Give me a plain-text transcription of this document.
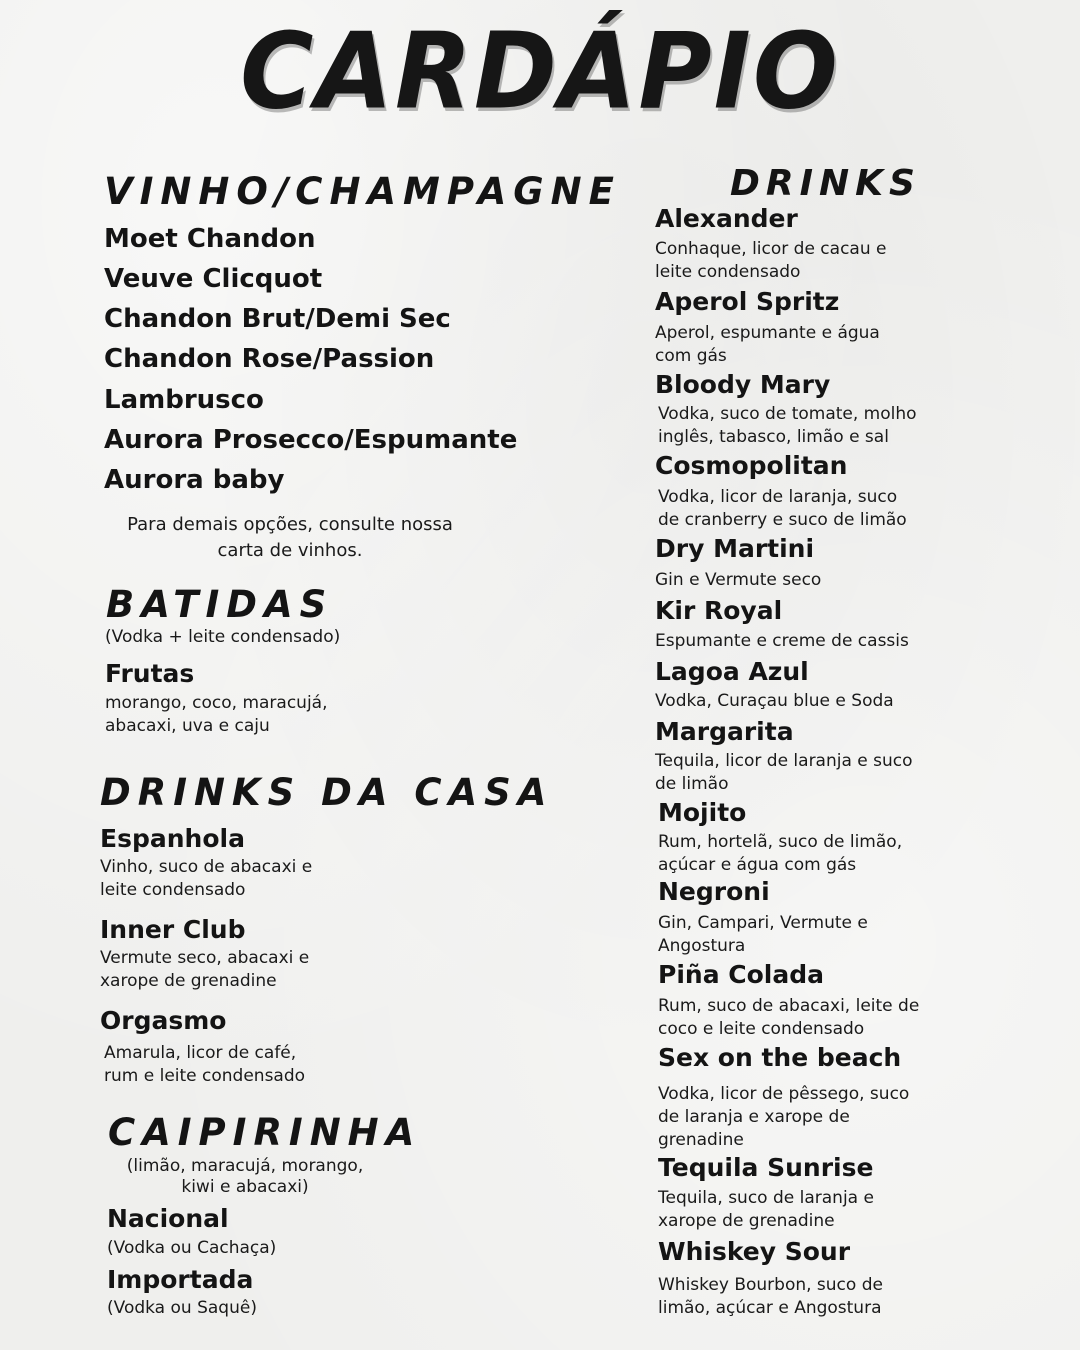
CARDÁPIO
VINHO/CHAMPAGNE
Moet Chandon
Veuve Clicquot
Chandon Brut/Demi Sec
Chandon Rose/Passion
Lambrusco
Aurora Prosecco/Espumante
Aurora baby
Para demais opções, consulte nossa
carta de vinhos.
BATIDAS
(Vodka + leite condensado)
Frutas
morango, coco, maracujá,
abacaxi, uva e caju
DRINKS DA CASA
Espanhola
Vinho, suco de abacaxi e
leite condensado
Inner Club
Vermute seco, abacaxi e
xarope de grenadine
Orgasmo
Amarula, licor de café,
rum e leite condensado
CAIPIRINHA
(limão, maracujá, morango,
kiwi e abacaxi)
Nacional
(Vodka ou Cachaça)
Importada
(Vodka ou Saquê)
DRINKS
Alexander
Conhaque, licor de cacau e
leite condensado
Aperol Spritz
Aperol, espumante e água
com gás
Bloody Mary
Vodka, suco de tomate, molho
inglês, tabasco, limão e sal
Cosmopolitan
Vodka, licor de laranja, suco
de cranberry e suco de limão
Dry Martini
Gin e Vermute seco
Kir Royal
Espumante e creme de cassis
Lagoa Azul
Vodka, Curaçau blue e Soda
Margarita
Tequila, licor de laranja e suco
de limão
Mojito
Rum, hortelã, suco de limão,
açúcar e água com gás
Negroni
Gin, Campari, Vermute e
Angostura
Piña Colada
Rum, suco de abacaxi, leite de
coco e leite condensado
Sex on the beach
Vodka, licor de pêssego, suco
de laranja e xarope de
grenadine
Tequila Sunrise
Tequila, suco de laranja e
xarope de grenadine
Whiskey Sour
Whiskey Bourbon, suco de
limão, açúcar e Angostura
